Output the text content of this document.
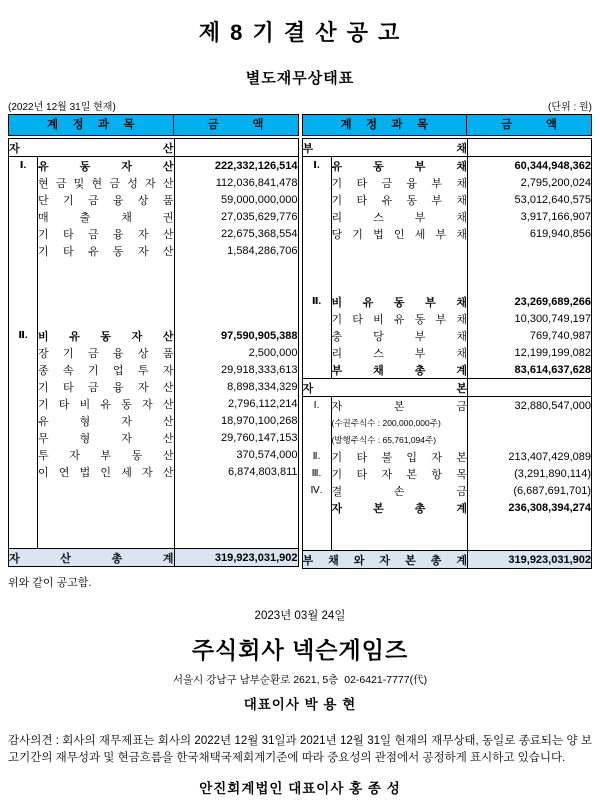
제 8 기 결 산 공 고
별도재무상태표
(2022년 12월 31일 현재)	(단위 : 원)
계 정 과 목	금 액
자 산		
Ⅰ.	유 동 자 산	222,332,126,514
	현 금 및 현 금 성 자 산	112,036,841,478
	단 기 금 융 상 품	59,000,000,000
	매 출 채 권	27,035,629,776
	기 타 금 융 자 산	22,675,368,554
	기 타 유 동 자 산	1,584,286,706

Ⅱ.	비 유 동 자 산	97,590,905,388
	장 기 금 융 상 품	2,500,000
	종 속 기 업 투 자	29,918,333,613
	기 타 금 융 자 산	8,898,334,329
	기 타 비 유 동 자 산	2,796,112,214
	유 형 자 산	18,970,100,268
	무 형 자 산	29,760,147,153
	투 자 부 동 산	370,574,000
	이 연 법 인 세 자 산	6,874,803,811

자 산 총 계		319,923,031,902
계 정 과 목	금 액
부 채		
Ⅰ.	유 동 부 채	60,344,948,362
	기 타 금 융 부 채	2,795,200,024
	기 타 유 동 부 채	53,012,640,575
	리 스 부 채	3,917,166,907
	당 기 법 인 세 부 채	619,940,856

Ⅱ.	비 유 동 부 채	23,269,689,266
	기 타 비 유 동 부 채	10,300,749,197
	충 당 부 채	769,740,987
	리 스 부 채	12,199,199,082
	부 채 총 계	83,614,637,628
자 본		
Ⅰ.	자 본 금	32,880,547,000
	(수권주식수 : 200,000,000주)	
	(발행주식수 : 65,761,094주)	
Ⅱ.	기 타 불 입 자 본	213,407,429,089
Ⅲ.	기 타 자 본 항 목	(3,291,890,114)
Ⅳ.	결 손 금	(6,687,691,701)
	자 본 총 계	236,308,394,274

부 채 와 자 본 총 계		319,923,031,902
위와 같이 공고함.
2023년 03월 24일
주식회사 넥슨게임즈
서울시 강남구 남부순환로 2621, 5층  02-6421-7777(代)
대표이사 박 용 현
감사의견 : 회사의 재무제표는 회사의 2022년 12월 31일과 2021년 12월 31일 현재의 재무상태, 동일로 종료되는 양 보고기간의 재무성과 및 현금흐름을 한국채택국제회계기준에 따라 중요성의 관점에서 공정하게 표시하고 있습니다.
안진회계법인 대표이사 홍 종 성
